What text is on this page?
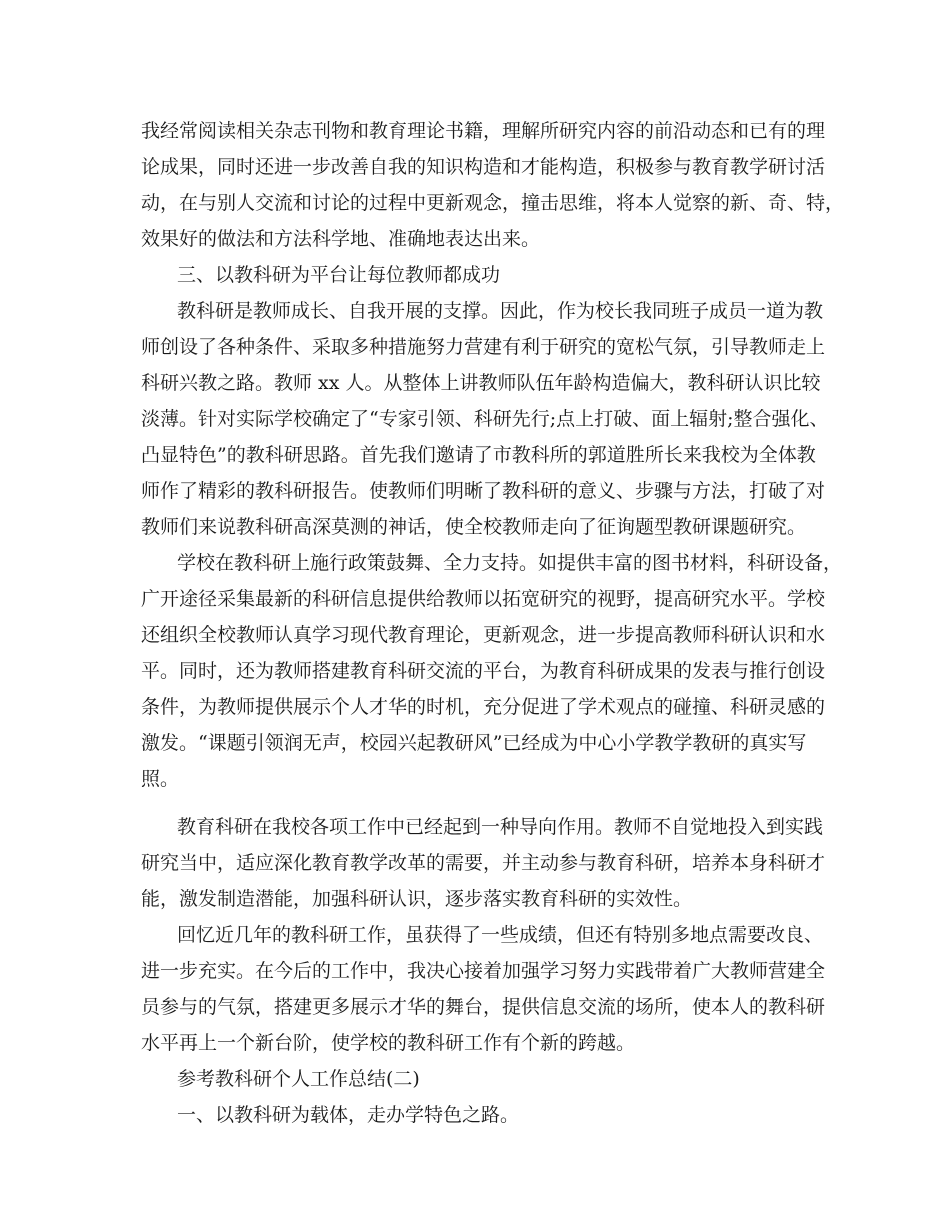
我经常阅读相关杂志刊物和教育理论书籍，理解所研究内容的前沿动态和已有的理

论成果，同时还进一步改善自我的知识构造和才能构造，积极参与教育教学研讨活

动，在与别人交流和讨论的过程中更新观念，撞击思维，将本人觉察的新、奇、特，

效果好的做法和方法科学地、准确地表达出来。

三、以教科研为平台让每位教师都成功

教科研是教师成长、自我开展的支撑。因此，作为校长我同班子成员一道为教

师创设了各种条件、采取多种措施努力营建有利于研究的宽松气氛，引导教师走上

科研兴教之路。教师 xx 人。从整体上讲教师队伍年龄构造偏大，教科研认识比较

淡薄。针对实际学校确定了“专家引领、科研先行;点上打破、面上辐射;整合强化、

凸显特色”的教科研思路。首先我们邀请了市教科所的郭道胜所长来我校为全体教

师作了精彩的教科研报告。使教师们明晰了教科研的意义、步骤与方法，打破了对

教师们来说教科研高深莫测的神话，使全校教师走向了征询题型教研课题研究。

学校在教科研上施行政策鼓舞、全力支持。如提供丰富的图书材料，科研设备，

广开途径采集最新的科研信息提供给教师以拓宽研究的视野，提高研究水平。学校

还组织全校教师认真学习现代教育理论，更新观念，进一步提高教师科研认识和水

平。同时，还为教师搭建教育科研交流的平台，为教育科研成果的发表与推行创设

条件，为教师提供展示个人才华的时机，充分促进了学术观点的碰撞、科研灵感的

激发。“课题引领润无声，校园兴起教研风”已经成为中心小学教学教研的真实写

照。

教育科研在我校各项工作中已经起到一种导向作用。教师不自觉地投入到实践

研究当中，适应深化教育教学改革的需要，并主动参与教育科研，培养本身科研才

能，激发制造潜能，加强科研认识，逐步落实教育科研的实效性。

回忆近几年的教科研工作，虽获得了一些成绩，但还有特别多地点需要改良、

进一步充实。在今后的工作中，我决心接着加强学习努力实践带着广大教师营建全

员参与的气氛，搭建更多展示才华的舞台，提供信息交流的场所，使本人的教科研

水平再上一个新台阶，使学校的教科研工作有个新的跨越。

参考教科研个人工作总结(二)

一、以教科研为载体，走办学特色之路。
